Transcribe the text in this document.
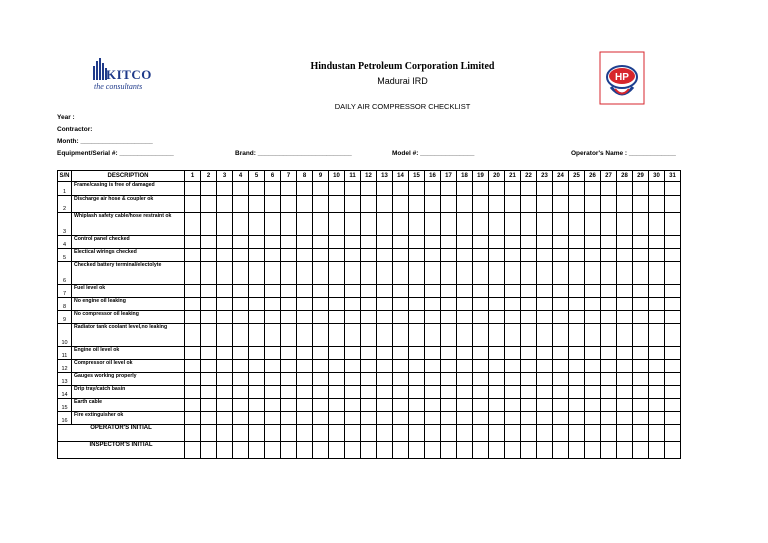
KITCO
the consultants
HP
Hindustan Petroleum Corporation Limited
Madurai IRD
DAILY AIR COMPRESSOR CHECKLIST
Year :
Contractor:
Month: ____________________
Equipment/Serial #: _______________	Brand: __________________________	Model #: _______________	Operator's Name : _____________
S/N	DESCRIPTION	1	2	3	4	5	6	7	8	9	10	11	12	13	14	15	16	17	18	19	20	21	22	23	24	25	26	27	28	29	30	31
1	Frame/casing is free of damaged																															
2	Discharge air hose & coupler ok																															
3	Whiplash safety cable/hose restraint ok																															
4	Control panel checked																															
5	Electical wirings checked																															
6	Checked battery terminal/electolyte																															
7	Fuel level ok																															
8	No engine oil leaking																															
9	No compressor oil leaking																															
10	Radiator tank coolant level,no leaking																															
11	Engine oil level ok																															
12	Compressor oil level ok																															
13	Gauges working properly																															
14	Drip tray/catch basin																															
15	Earth cable																															
16	Fire extinguisher ok																															
OPERATOR'S INITIAL																																
INSPECTOR'S INITIAL																																
